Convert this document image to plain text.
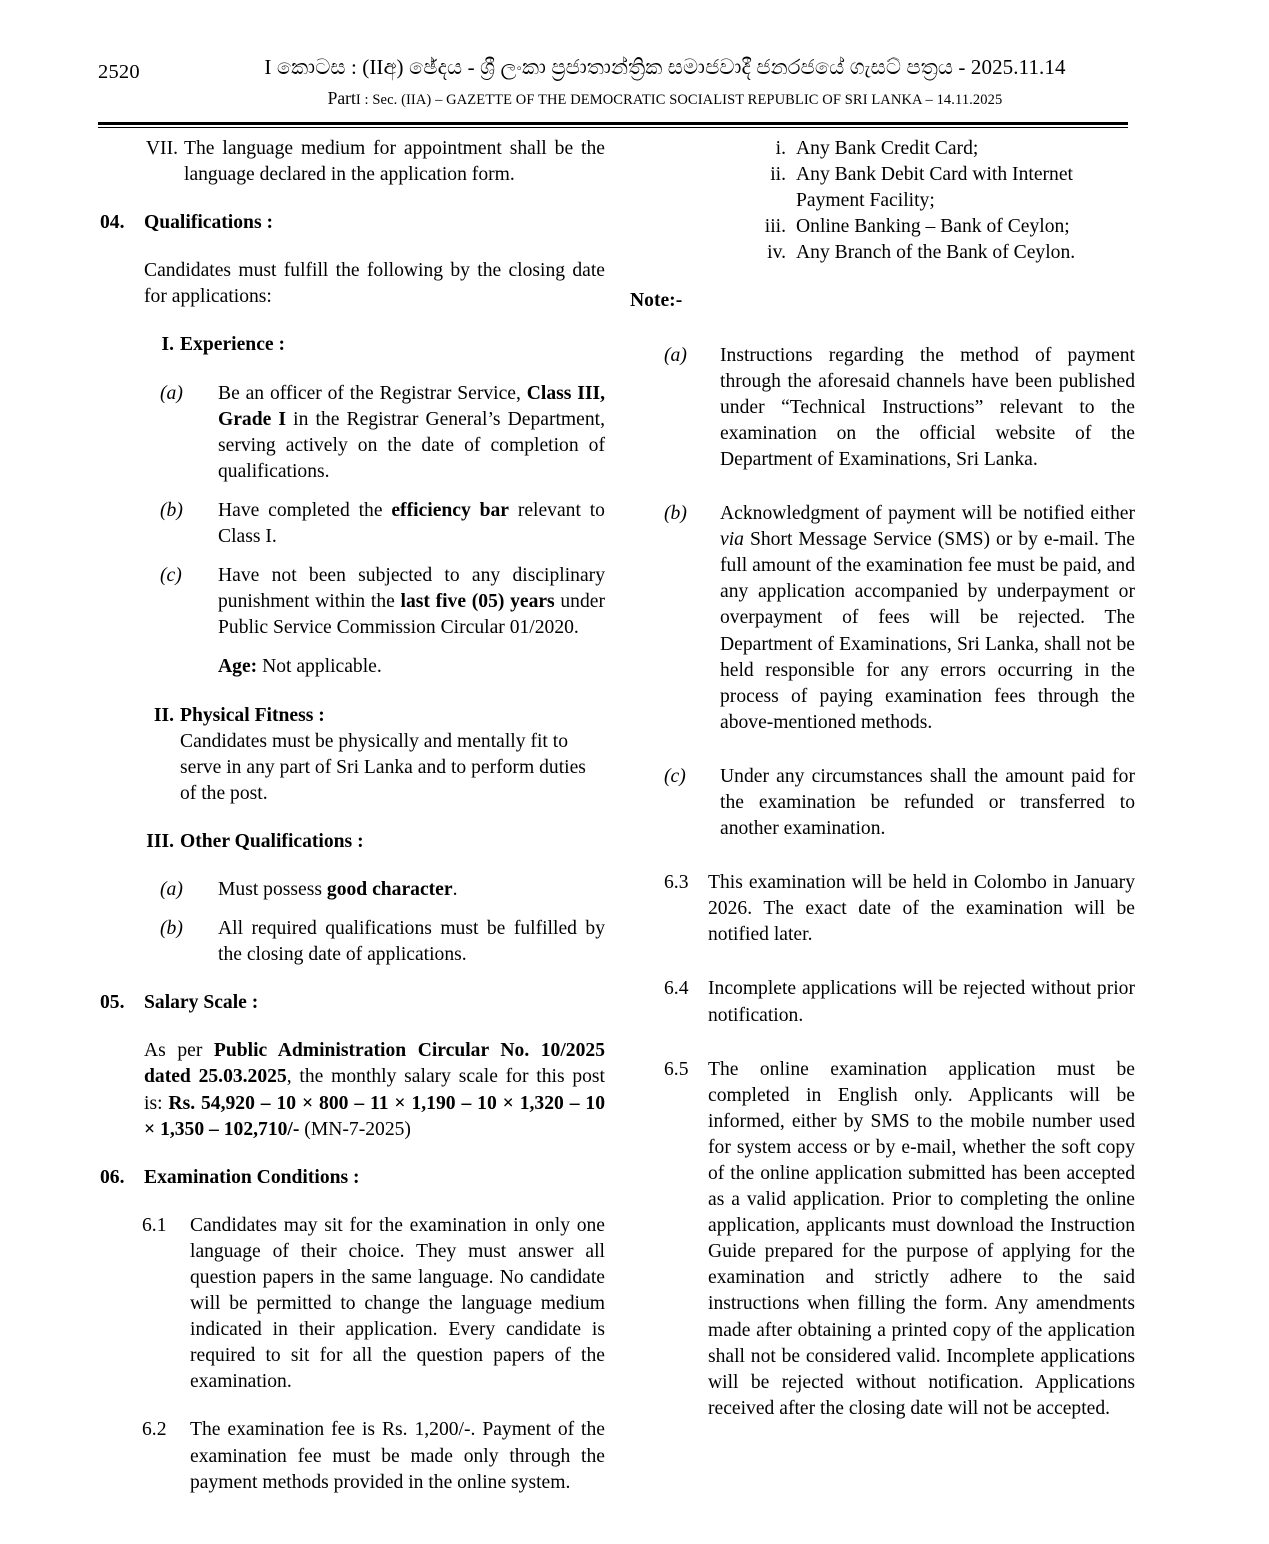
2520	I කොටස : (IIඅ) ඡේදය - ශ්‍රී ලංකා ප්‍රජාතාන්ත්‍රික සමාජවාදී ජනරජයේ ගැසට් පත්‍රය - 2025.11.14
PartI : Sec. (IIA) – GAZETTE OF THE DEMOCRATIC SOCIALIST REPUBLIC OF SRI LANKA – 14.11.2025
VII. The language medium for appointment shall be the language declared in the application form.
04. Qualifications :
Candidates must fulfill the following by the closing date for applications:
I. Experience :
(a)	Be an officer of the Registrar Service, Class III, Grade I in the Registrar General’s Department, serving actively on the date of completion of qualifications.
(b)	Have completed the efficiency bar relevant to Class I.
(c)	Have not been subjected to any disciplinary punishment within the last five (05) years under Public Service Commission Circular 01/2020.
Age: Not applicable.
II. Physical Fitness :
Candidates must be physically and mentally fit to serve in any part of Sri Lanka and to perform duties of the post.
III. Other Qualifications :
(a)	Must possess good character.
(b)	All required qualifications must be fulfilled by the closing date of applications.
05. Salary Scale :
As per Public Administration Circular No. 10/2025 dated 25.03.2025, the monthly salary scale for this post is: Rs. 54,920 – 10 × 800 – 11 × 1,190 – 10 × 1,320 – 10 × 1,350 – 102,710/- (MN-7-2025)
06. Examination Conditions :
6.1	Candidates may sit for the examination in only one language of their choice. They must answer all question papers in the same language. No candidate will be permitted to change the language medium indicated in their application. Every candidate is required to sit for all the question papers of the examination.
6.2	The examination fee is Rs. 1,200/-. Payment of the examination fee must be made only through the payment methods provided in the online system.
i. Any Bank Credit Card;
ii. Any Bank Debit Card with Internet Payment Facility;
iii. Online Banking – Bank of Ceylon;
iv. Any Branch of the Bank of Ceylon.
Note:-
(a)	Instructions regarding the method of payment through the aforesaid channels have been published under “Technical Instructions” relevant to the examination on the official website of the Department of Examinations, Sri Lanka.
(b)	Acknowledgment of payment will be notified either via Short Message Service (SMS) or by e-mail. The full amount of the examination fee must be paid, and any application accompanied by underpayment or overpayment of fees will be rejected. The Department of Examinations, Sri Lanka, shall not be held responsible for any errors occurring in the process of paying examination fees through the above-mentioned methods.
(c)	Under any circumstances shall the amount paid for the examination be refunded or transferred to another examination.
6.3 This examination will be held in Colombo in January 2026. The exact date of the examination will be notified later.
6.4 Incomplete applications will be rejected without prior notification.
6.5 The online examination application must be completed in English only. Applicants will be informed, either by SMS to the mobile number used for system access or by e-mail, whether the soft copy of the online application submitted has been accepted as a valid application. Prior to completing the online application, applicants must download the Instruction Guide prepared for the purpose of applying for the examination and strictly adhere to the said instructions when filling the form. Any amendments made after obtaining a printed copy of the application shall not be considered valid. Incomplete applications will be rejected without notification. Applications received after the closing date will not be accepted.
